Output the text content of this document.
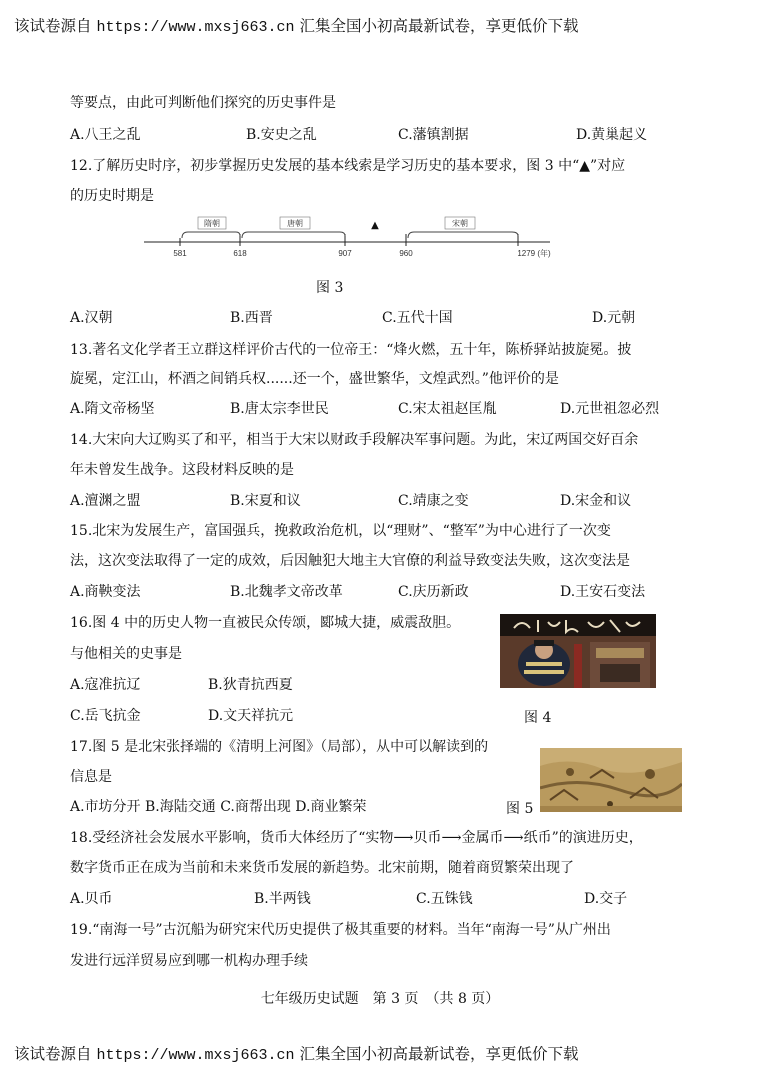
该试卷源自 https://www.mxsj663.cn 汇集全国小初高最新试卷，享更低价下载
等要点，由此可判断他们探究的历史事件是
A.八王之乱	B.安史之乱	C.藩镇割据	D.黄巢起义
12.了解历史时序，初步掌握历史发展的基本线索是学习历史的基本要求，图 3 中“▲”对应
的历史时期是
隋朝	唐朝	宋朝
▲
581	618	907	960	1279 (年)
图 3
A.汉朝	B.西晋	C.五代十国	D.元朝
13.著名文化学者王立群这样评价古代的一位帝王：“烽火燃，五十年，陈桥驿站披旋冕。披
旋冕，定江山，杯酒之间销兵权......还一个，盛世繁华，文煌武烈。”他评价的是
A.隋文帝杨坚	B.唐太宗李世民	C.宋太祖赵匡胤	D.元世祖忽必烈
14.大宋向大辽购买了和平，相当于大宋以财政手段解决军事问题。为此，宋辽两国交好百余
年未曾发生战争。这段材料反映的是
A.澶渊之盟	B.宋夏和议	C.靖康之变	D.宋金和议
15.北宋为发展生产，富国强兵，挽救政治危机，以“理财”、“整军”为中心进行了一次变
法，这次变法取得了一定的成效，后因触犯大地主大官僚的利益导致变法失败，这次变法是
A.商鞅变法	B.北魏孝文帝改革	C.庆历新政	D.王安石变法
16.图 4 中的历史人物一直被民众传颂，郾城大捷，威震敌胆。
与他相关的史事是
A.寇准抗辽	B.狄青抗西夏
C.岳飞抗金	D.文天祥抗元	图 4
17.图 5 是北宋张择端的《清明上河图》（局部），从中可以解读到的
信息是
A.市坊分开 B.海陆交通 C.商帮出现 D.商业繁荣	图 5
18.受经济社会发展水平影响，货币大体经历了“实物⟶贝币⟶金属币⟶纸币”的演进历史，
数字货币正在成为当前和未来货币发展的新趋势。北宋前期，随着商贸繁荣出现了
A.贝币	B.半两钱	C.五铢钱	D.交子
19.“南海一号”古沉船为研究宋代历史提供了极其重要的材料。当年“南海一号”从广州出
发进行远洋贸易应到哪一机构办理手续
七年级历史试题　第 3 页　（共 8 页）
该试卷源自 https://www.mxsj663.cn 汇集全国小初高最新试卷，享更低价下载
